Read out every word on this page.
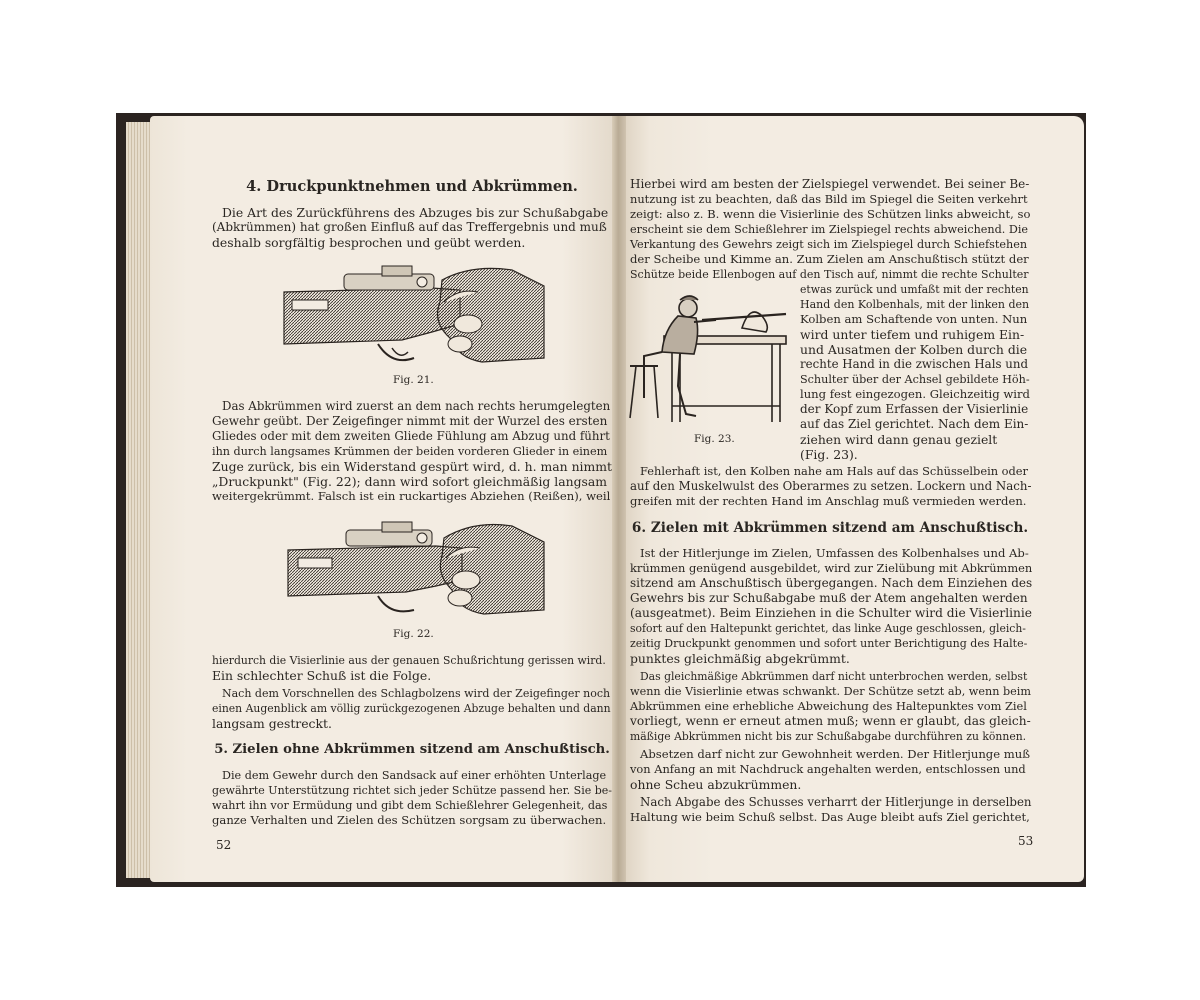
4. Druckpunktnehmen und Abkrümmen.
Die Art des Zurückführens des Abzuges bis zur Schußabgabe
(Abkrümmen) hat großen Einfluß auf das Treffergebnis und muß
deshalb sorgfältig besprochen und geübt werden.
Fig. 21.
Das Abkrümmen wird zuerst an dem nach rechts herumgelegten
Gewehr geübt. Der Zeigefinger nimmt mit der Wurzel des ersten
Gliedes oder mit dem zweiten Gliede Fühlung am Abzug und führt
ihn durch langsames Krümmen der beiden vorderen Glieder in einem
Zuge zurück, bis ein Widerstand gespürt wird, d. h. man nimmt
„Druckpunkt" (Fig. 22); dann wird sofort gleichmäßig langsam
weitergekrümmt. Falsch ist ein ruckartiges Abziehen (Reißen), weil
Fig. 22.
hierdurch die Visierlinie aus der genauen Schußrichtung gerissen wird.
Ein schlechter Schuß ist die Folge.
Nach dem Vorschnellen des Schlagbolzens wird der Zeigefinger noch
einen Augenblick am völlig zurückgezogenen Abzuge behalten und dann
langsam gestreckt.
5. Zielen ohne Abkrümmen sitzend am Anschußtisch.
Die dem Gewehr durch den Sandsack auf einer erhöhten Unterlage
gewährte Unterstützung richtet sich jeder Schütze passend her. Sie be-
wahrt ihn vor Ermüdung und gibt dem Schießlehrer Gelegenheit, das
ganze Verhalten und Zielen des Schützen sorgsam zu überwachen.
52
Hierbei wird am besten der Zielspiegel verwendet. Bei seiner Be-
nutzung ist zu beachten, daß das Bild im Spiegel die Seiten verkehrt
zeigt: also z. B. wenn die Visierlinie des Schützen links abweicht, so
erscheint sie dem Schießlehrer im Zielspiegel rechts abweichend. Die
Verkantung des Gewehrs zeigt sich im Zielspiegel durch Schiefstehen
der Scheibe und Kimme an. Zum Zielen am Anschußtisch stützt der
Schütze beide Ellenbogen auf den Tisch auf, nimmt die rechte Schulter
Fig. 23.
etwas zurück und umfaßt mit der rechten
Hand den Kolbenhals, mit der linken den
Kolben am Schaftende von unten. Nun
wird unter tiefem und ruhigem Ein-
und Ausatmen der Kolben durch die
rechte Hand in die zwischen Hals und
Schulter über der Achsel gebildete Höh-
lung fest eingezogen. Gleichzeitig wird
der Kopf zum Erfassen der Visierlinie
auf das Ziel gerichtet. Nach dem Ein-
ziehen wird dann genau gezielt
(Fig. 23).
Fehlerhaft ist, den Kolben nahe am Hals auf das Schüsselbein oder
auf den Muskelwulst des Oberarmes zu setzen. Lockern und Nach-
greifen mit der rechten Hand im Anschlag muß vermieden werden.
6. Zielen mit Abkrümmen sitzend am Anschußtisch.
Ist der Hitlerjunge im Zielen, Umfassen des Kolbenhalses und Ab-
krümmen genügend ausgebildet, wird zur Zielübung mit Abkrümmen
sitzend am Anschußtisch übergegangen. Nach dem Einziehen des
Gewehrs bis zur Schußabgabe muß der Atem angehalten werden
(ausgeatmet). Beim Einziehen in die Schulter wird die Visierlinie
sofort auf den Haltepunkt gerichtet, das linke Auge geschlossen, gleich-
zeitig Druckpunkt genommen und sofort unter Berichtigung des Halte-
punktes gleichmäßig abgekrümmt.
Das gleichmäßige Abkrümmen darf nicht unterbrochen werden, selbst
wenn die Visierlinie etwas schwankt. Der Schütze setzt ab, wenn beim
Abkrümmen eine erhebliche Abweichung des Haltepunktes vom Ziel
vorliegt, wenn er erneut atmen muß; wenn er glaubt, das gleich-
mäßige Abkrümmen nicht bis zur Schußabgabe durchführen zu können.
Absetzen darf nicht zur Gewohnheit werden. Der Hitlerjunge muß
von Anfang an mit Nachdruck angehalten werden, entschlossen und
ohne Scheu abzukrümmen.
Nach Abgabe des Schusses verharrt der Hitlerjunge in derselben
Haltung wie beim Schuß selbst. Das Auge bleibt aufs Ziel gerichtet,
53
